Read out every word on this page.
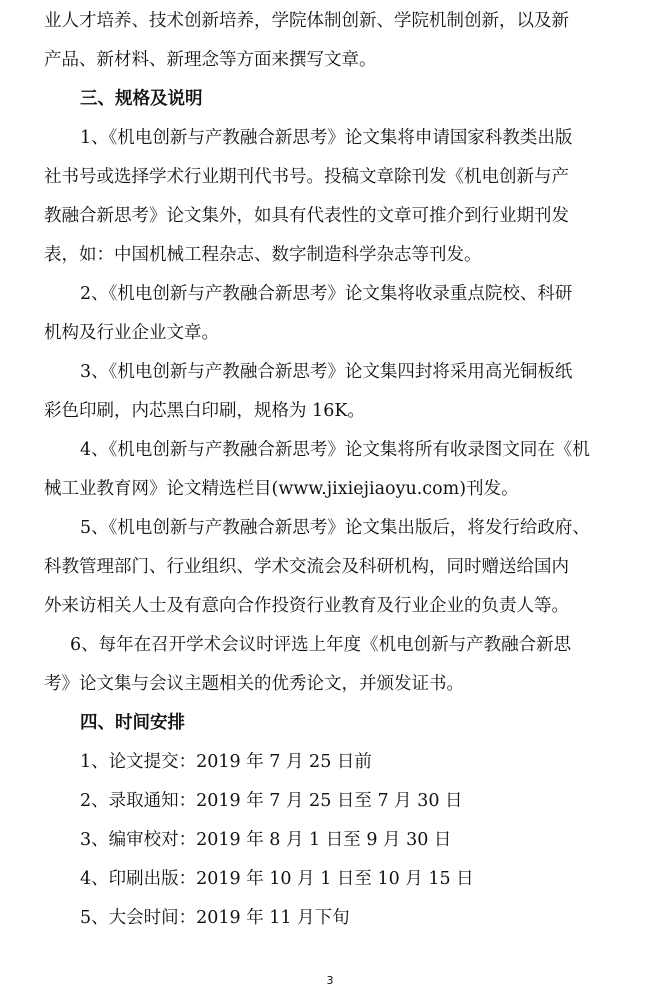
业人才培养、技术创新培养，学院体制创新、学院机制创新，以及新
产品、新材料、新理念等方面来撰写文章。

三、规格及说明

1、《机电创新与产教融合新思考》论文集将申请国家科教类出版
社书号或选择学术行业期刊代书号。投稿文章除刊发《机电创新与产
教融合新思考》论文集外，如具有代表性的文章可推介到行业期刊发
表，如：中国机械工程杂志、数字制造科学杂志等刊发。

2、《机电创新与产教融合新思考》论文集将收录重点院校、科研
机构及行业企业文章。

3、《机电创新与产教融合新思考》论文集四封将采用高光铜板纸
彩色印刷，内芯黑白印刷，规格为 16K。

4、《机电创新与产教融合新思考》论文集将所有收录图文同在《机
械工业教育网》论文精选栏目(www.jixiejiaoyu.com)刊发。

5、《机电创新与产教融合新思考》论文集出版后，将发行给政府、
科教管理部门、行业组织、学术交流会及科研机构，同时赠送给国内
外来访相关人士及有意向合作投资行业教育及行业企业的负责人等。

6、每年在召开学术会议时评选上年度《机电创新与产教融合新思
考》论文集与会议主题相关的优秀论文，并颁发证书。

四、时间安排

1、论文提交：2019 年 7 月 25 日前

2、录取通知：2019 年 7 月 25 日至 7 月 30 日

3、编审校对：2019 年 8 月 1 日至 9 月 30 日

4、印刷出版：2019 年 10 月 1 日至 10 月 15 日

5、大会时间：2019 年 11 月下旬

3
